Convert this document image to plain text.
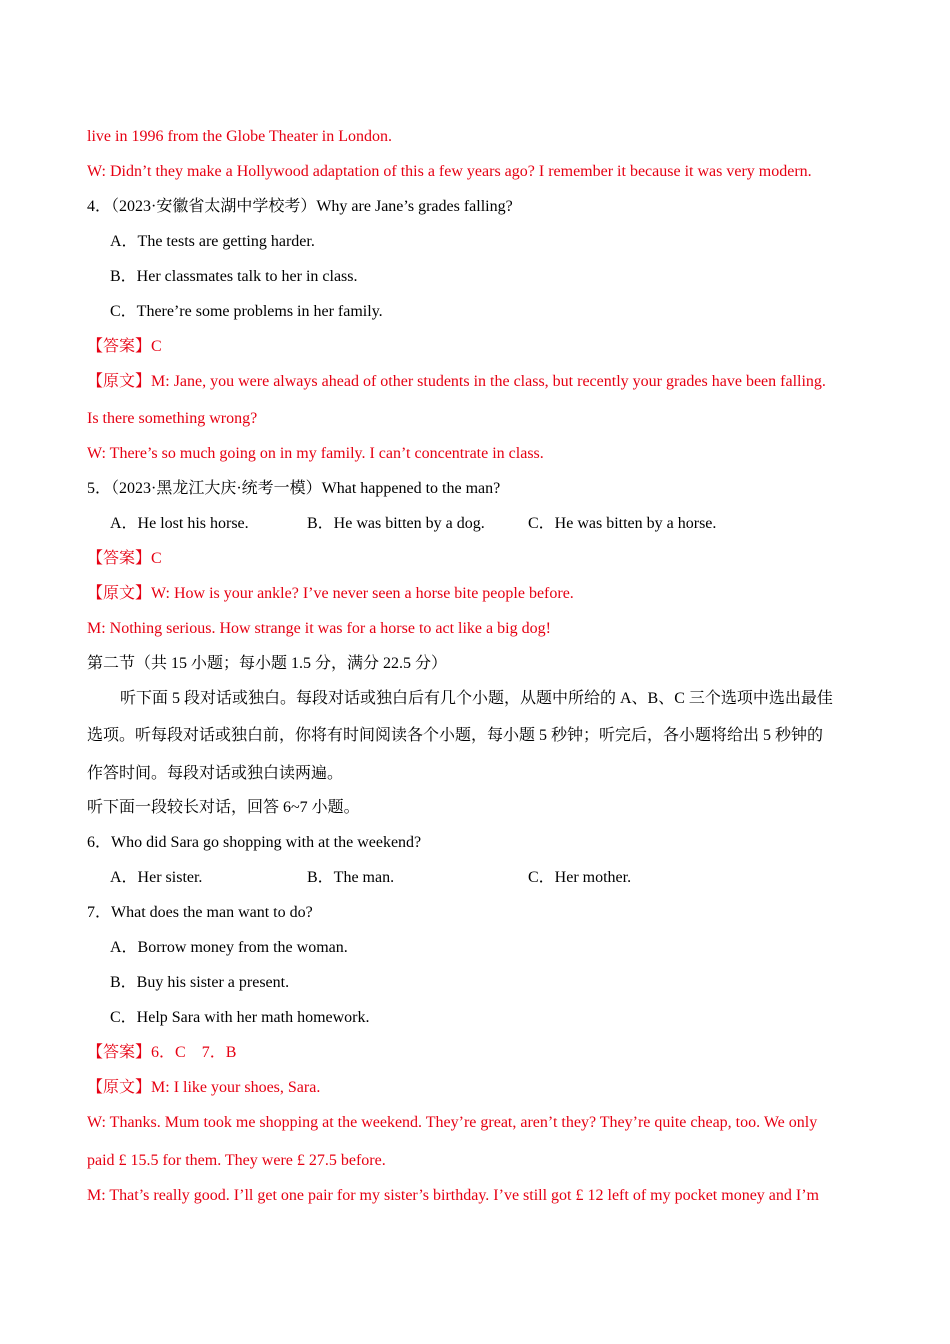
live in 1996 from the Globe Theater in London.
W: Didn’t they make a Hollywood adaptation of this a few years ago? I remember it because it was very modern.
4．（2023·安徽省太湖中学校考）Why are Jane’s grades falling?
A．The tests are getting harder.
B．Her classmates talk to her in class.
C．There’re some problems in her family.
【答案】C
【原文】M: Jane, you were always ahead of other students in the class, but recently your grades have been falling.
Is there something wrong?
W: There’s so much going on in my family. I can’t concentrate in class.
5．（2023·黑龙江大庆·统考一模）What happened to the man?
A．He lost his horse.	B．He was bitten by a dog.	C．He was bitten by a horse.
【答案】C
【原文】W: How is your ankle? I’ve never seen a horse bite people before.
M: Nothing serious. How strange it was for a horse to act like a big dog!
第二节（共 15 小题；每小题 1.5 分，满分 22.5 分）
听下面 5 段对话或独白。每段对话或独白后有几个小题，从题中所给的 A、B、C 三个选项中选出最佳
选项。听每段对话或独白前，你将有时间阅读各个小题，每小题 5 秒钟；听完后，各小题将给出 5 秒钟的
作答时间。每段对话或独白读两遍。
听下面一段较长对话，回答 6~7 小题。
6．Who did Sara go shopping with at the weekend?
A．Her sister.	B．The man.	C．Her mother.
7．What does the man want to do?
A．Borrow money from the woman.
B．Buy his sister a present.
C．Help Sara with her math homework.
【答案】6．C　7．B
【原文】M: I like your shoes, Sara.
W: Thanks. Mum took me shopping at the weekend. They’re great, aren’t they? They’re quite cheap, too. We only
paid £ 15.5 for them. They were £ 27.5 before.
M: That’s really good. I’ll get one pair for my sister’s birthday. I’ve still got £ 12 left of my pocket money and I’m
